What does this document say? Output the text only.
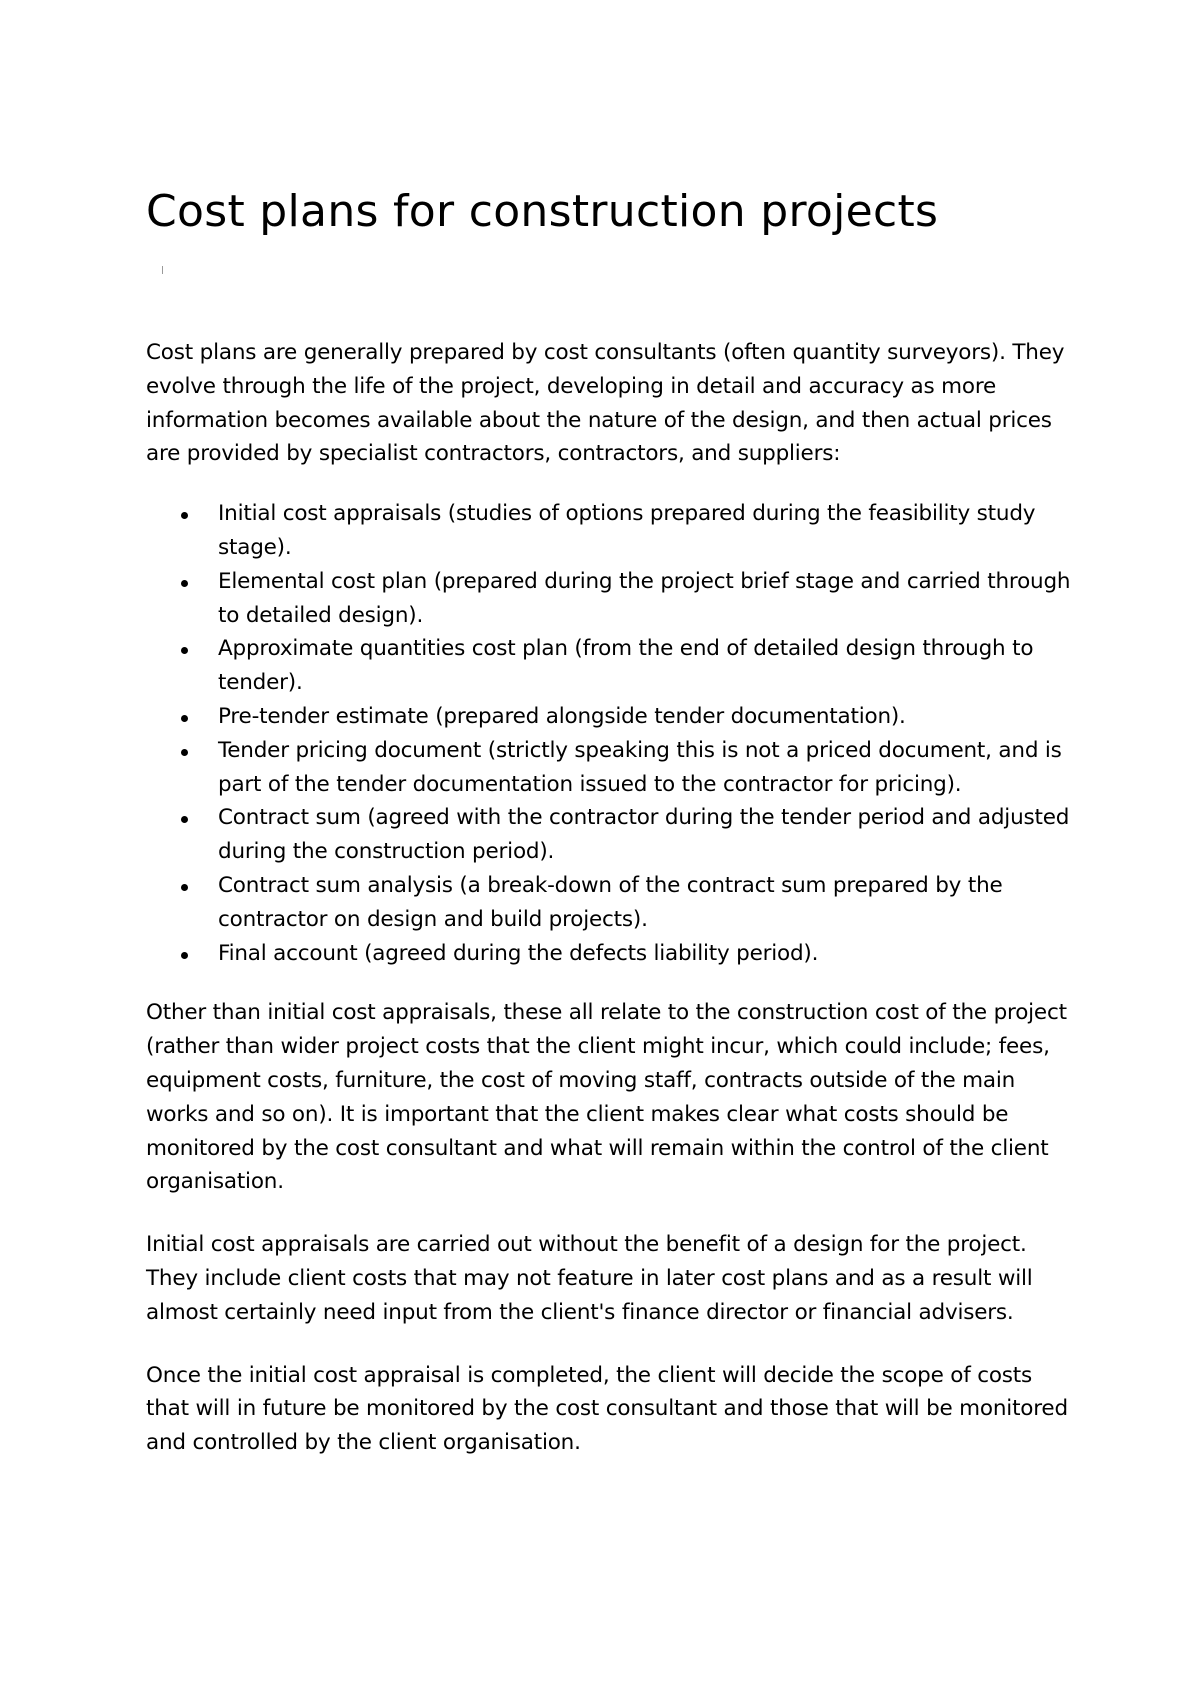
Cost plans for construction projects

Cost plans are generally prepared by cost consultants (often quantity surveyors). They evolve through the life of the project, developing in detail and accuracy as more information becomes available about the nature of the design, and then actual prices are provided by specialist contractors, contractors, and suppliers:

Initial cost appraisals (studies of options prepared during the feasibility study stage).
Elemental cost plan (prepared during the project brief stage and carried through to detailed design).
Approximate quantities cost plan (from the end of detailed design through to tender).
Pre-tender estimate (prepared alongside tender documentation).
Tender pricing document (strictly speaking this is not a priced document, and is part of the tender documentation issued to the contractor for pricing).
Contract sum (agreed with the contractor during the tender period and adjusted during the construction period).
Contract sum analysis (a break-down of the contract sum prepared by the contractor on design and build projects).
Final account (agreed during the defects liability period).

Other than initial cost appraisals, these all relate to the construction cost of the project (rather than wider project costs that the client might incur, which could include; fees, equipment costs, furniture, the cost of moving staff, contracts outside of the main works and so on). It is important that the client makes clear what costs should be monitored by the cost consultant and what will remain within the control of the client organisation.

Initial cost appraisals are carried out without the benefit of a design for the project. They include client costs that may not feature in later cost plans and as a result will almost certainly need input from the client's finance director or financial advisers.

Once the initial cost appraisal is completed, the client will decide the scope of costs that will in future be monitored by the cost consultant and those that will be monitored and controlled by the client organisation.
